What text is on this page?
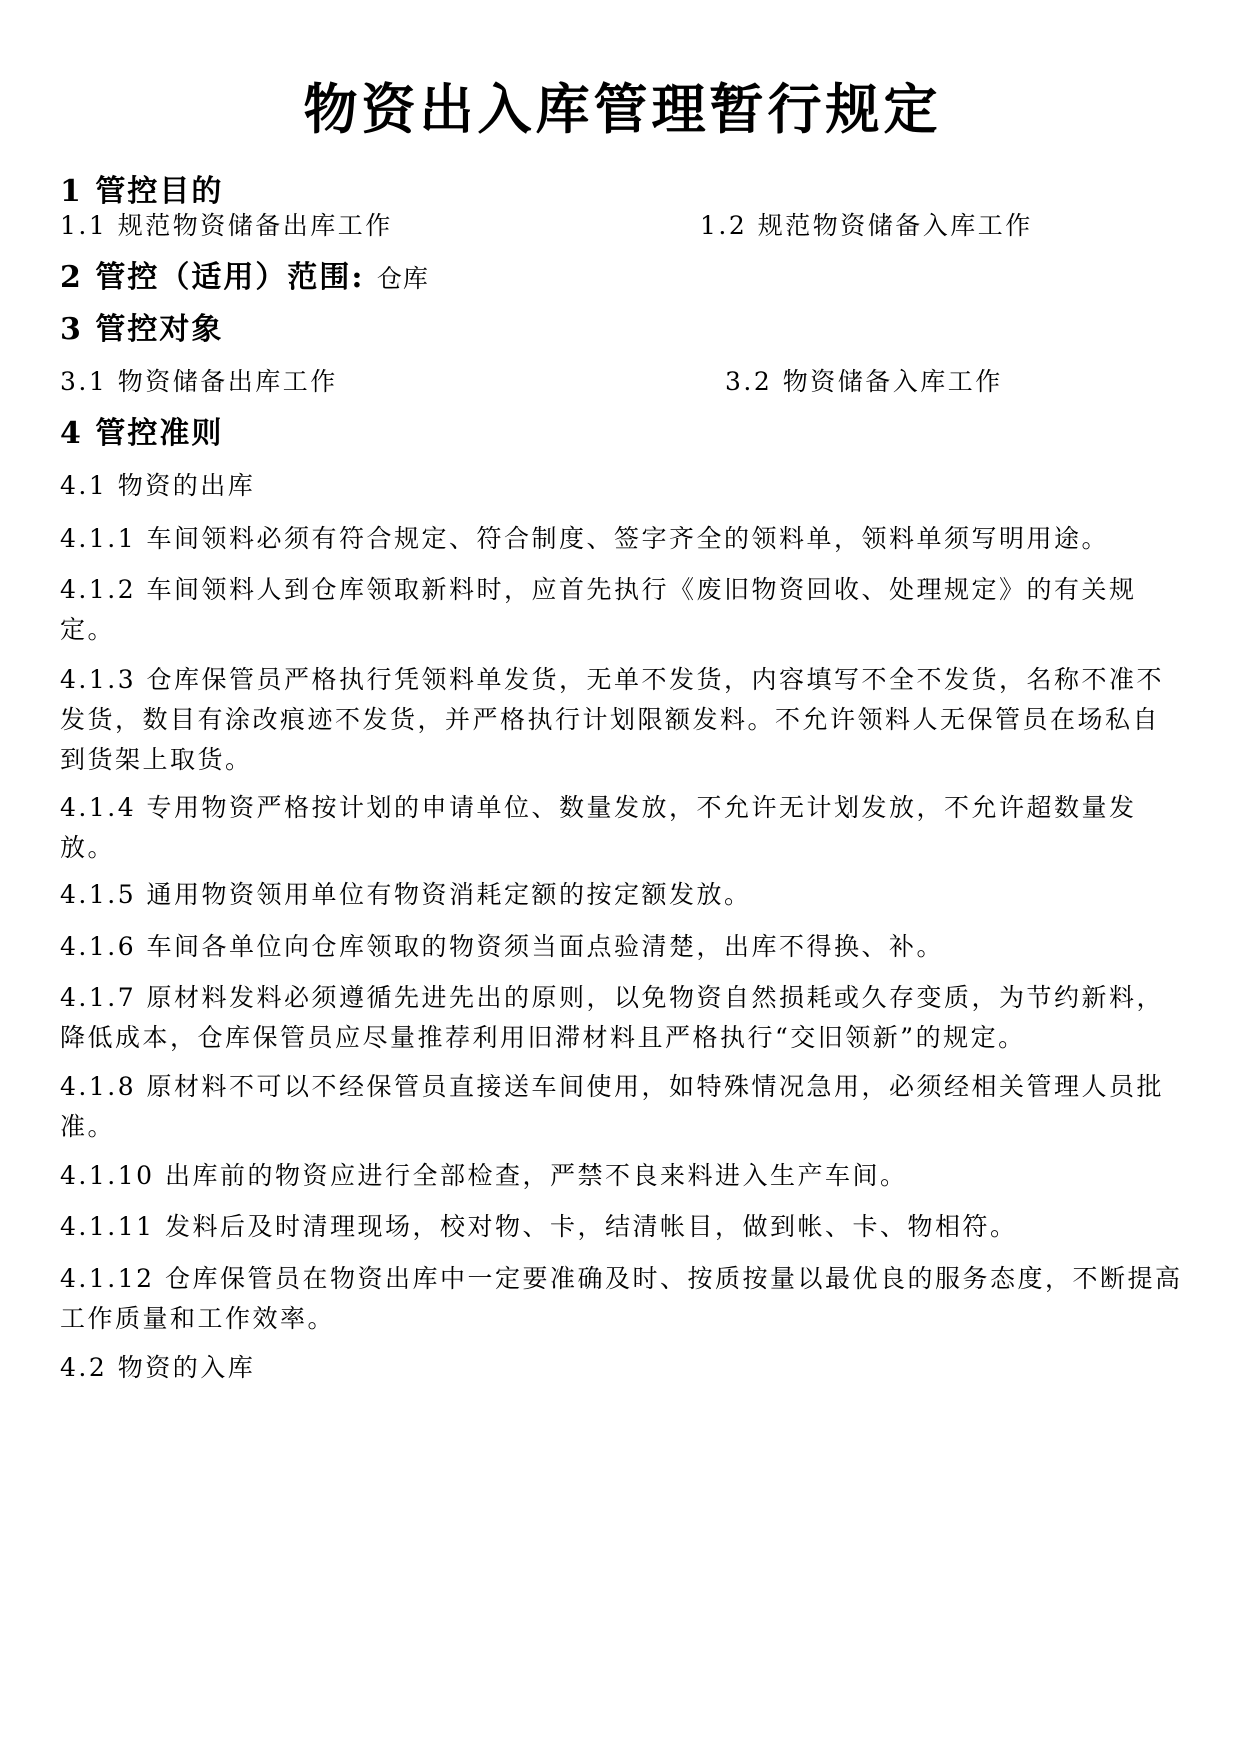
物资出入库管理暂行规定
1 管控目的
1.1 规范物资储备出库工作	1.2 规范物资储备入库工作
2 管控（适用）范围: 仓库
3 管控对象
3.1 物资储备出库工作	3.2 物资储备入库工作
4 管控准则

4.1 物资的出库

4.1.1 车间领料必须有符合规定、符合制度、签字齐全的领料单，领料单须写明用途。

4.1.2 车间领料人到仓库领取新料时，应首先执行《废旧物资回收、处理规定》的有关规定。

4.1.3 仓库保管员严格执行凭领料单发货，无单不发货，内容填写不全不发货，名称不准不发货，数目有涂改痕迹不发货，并严格执行计划限额发料。不允许领料人无保管员在场私自到货架上取货。

4.1.4 专用物资严格按计划的申请单位、数量发放，不允许无计划发放，不允许超数量发放。

4.1.5 通用物资领用单位有物资消耗定额的按定额发放。

4.1.6 车间各单位向仓库领取的物资须当面点验清楚，出库不得换、补。

4.1.7 原材料发料必须遵循先进先出的原则，以免物资自然损耗或久存变质，为节约新料，降低成本，仓库保管员应尽量推荐利用旧滞材料且严格执行“交旧领新”的规定。

4.1.8 原材料不可以不经保管员直接送车间使用，如特殊情况急用，必须经相关管理人员批准。

4.1.10 出库前的物资应进行全部检查，严禁不良来料进入生产车间。

4.1.11 发料后及时清理现场，校对物、卡，结清帐目，做到帐、卡、物相符。

4.1.12 仓库保管员在物资出库中一定要准确及时、按质按量以最优良的服务态度，不断提高工作质量和工作效率。

4.2 物资的入库
